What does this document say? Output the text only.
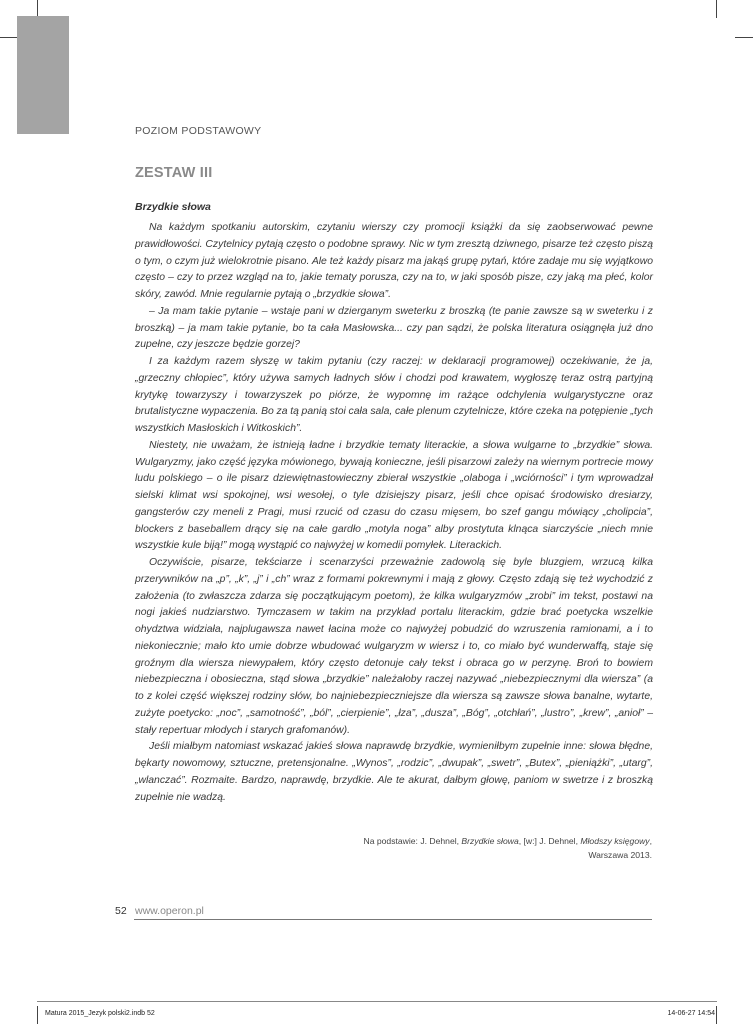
POZIOM PODSTAWOWY
ZESTAW III
Brzydkie słowa

Na każdym spotkaniu autorskim, czytaniu wierszy czy promocji książki da się zaobserwować pewne prawidłowości. Czytelnicy pytają często o podobne sprawy. Nic w tym zresztą dziwnego, pisarze też często piszą o tym, o czym już wielokrotnie pisano. Ale też każdy pisarz ma jakąś grupę pytań, które zadaje mu się wyjątkowo często – czy to przez wzgląd na to, jakie tematy porusza, czy na to, w jaki sposób pisze, czy jaką ma płeć, kolor skóry, zawód. Mnie regularnie pytają o „brzydkie słowa”.

– Ja mam takie pytanie – wstaje pani w dzierganym sweterku z broszką (te panie zawsze są w sweterku i z broszką) – ja mam takie pytanie, bo ta cała Masłowska... czy pan sądzi, że polska literatura osiągnęła już dno zupełne, czy jeszcze będzie gorzej?

I za każdym razem słyszę w takim pytaniu (czy raczej: w deklaracji programowej) oczekiwanie, że ja, „grzeczny chłopiec”, który używa samych ładnych słów i chodzi pod krawatem, wygłoszę teraz ostrą partyjną krytykę towarzyszy i towarzyszek po piórze, że wypomnę im rażące odchylenia wulgarystyczne oraz brutalistyczne wypaczenia. Bo za tą panią stoi cała sala, całe plenum czytelnicze, które czeka na potępienie „tych wszystkich Masłoskich i Witkoskich”.

Niestety, nie uważam, że istnieją ładne i brzydkie tematy literackie, a słowa wulgarne to „brzydkie” słowa. Wulgaryzmy, jako część języka mówionego, bywają konieczne, jeśli pisarzowi zależy na wiernym portrecie mowy ludu polskiego – o ile pisarz dziewiętnastowieczny zbierał wszystkie „olaboga i „wciórności” i tym wprowadzał sielski klimat wsi spokojnej, wsi wesołej, o tyle dzisiejszy pisarz, jeśli chce opisać środowisko dresiarzy, gangsterów czy meneli z Pragi, musi rzucić od czasu do czasu mięsem, bo szef gangu mówiący „cholipcia”, blockers z baseballem drący się na całe gardło „motyla noga” alby prostytuta klnąca siarczyście „niech mnie wszystkie kule biją!” mogą wystąpić co najwyżej w komedii pomyłek. Literackich.

Oczywiście, pisarze, tekściarze i scenarzyści przeważnie zadowolą się byle bluzgiem, wrzucą kilka przerywników na „p”, „k”, „j” i „ch” wraz z formami pokrewnymi i mają z głowy. Często zdają się też wychodzić z założenia (to zwłaszcza zdarza się początkującym poetom), że kilka wulgaryzmów „zrobi” im tekst, postawi na nogi jakieś nudziarstwo. Tymczasem w takim na przykład portalu literackim, gdzie brać poetycka wszelkie ohydztwa widziała, najplugawsza nawet łacina może co najwyżej pobudzić do wzruszenia ramionami, a i to niekoniecznie; mało kto umie dobrze wbudować wulgaryzm w wiersz i to, co miało być wunderwaffą, staje się groźnym dla wiersza niewypałem, który często detonuje cały tekst i obraca go w perzynę. Broń to bowiem niebezpieczna i obosieczna, stąd słowa „brzydkie” należałoby raczej nazywać „niebezpiecznymi dla wiersza” (a to z kolei część większej rodziny słów, bo najniebezpieczniejsze dla wiersza są zawsze słowa banalne, wytarte, zużyte poetycko: „noc”, „samotność”, „ból”, „cierpienie”, „łza”, „dusza”, „Bóg”, „otchłań”, „lustro”, „krew”, „anioł” – stały repertuar młodych i starych grafomanów).

Jeśli miałbym natomiast wskazać jakieś słowa naprawdę brzydkie, wymieniłbym zupełnie inne: słowa błędne, bękarty nowomowy, sztuczne, pretensjonalne. „Wynos”, „rodzic”, „dwupak”, „swetr”, „Butex”, „pieniążki”, „utarg”, „wlanczać”. Rozmaite. Bardzo, naprawdę, brzydkie. Ale te akurat, dałbym głowę, paniom w swetrze i z broszką zupełnie nie wadzą.

Na podstawie: J. Dehnel, Brzydkie słowa, [w:] J. Dehnel, Młodszy księgowy,
Warszawa 2013.
52 www.operon.pl
Matura 2015_Jezyk polski2.indb 52	14-06-27 14:54
